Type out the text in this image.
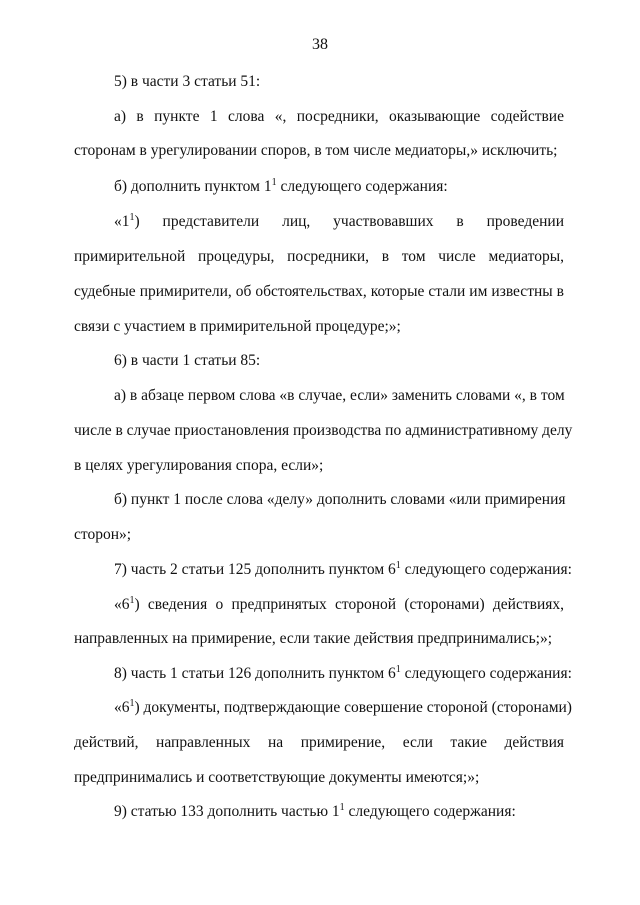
38
5) в части 3 статьи 51:
а) в пункте 1 слова «, посредники, оказывающие содействие
сторонам в урегулировании споров, в том числе медиаторы,» исключить;
б) дополнить пунктом $1^1$ следующего содержания:
«$1^1$) представители лиц, участвовавших в проведении
примирительной процедуры, посредники, в том числе медиаторы,
судебные примирители, об обстоятельствах, которые стали им известны в
связи с участием в примирительной процедуре;»;
6) в части 1 статьи 85:
а) в абзаце первом слова «в случае, если» заменить словами «, в том
числе в случае приостановления производства по административному делу
в целях урегулирования спора, если»;
б) пункт 1 после слова «делу» дополнить словами «или примирения
сторон»;
7) часть 2 статьи 125 дополнить пунктом $6^1$ следующего содержания:
«$6^1$) сведения о предпринятых стороной (сторонами) действиях,
направленных на примирение, если такие действия предпринимались;»;
8) часть 1 статьи 126 дополнить пунктом $6^1$ следующего содержания:
«$6^1$) документы, подтверждающие совершение стороной (сторонами)
действий, направленных на примирение, если такие действия
предпринимались и соответствующие документы имеются;»;
9) статью 133 дополнить частью $1^1$ следующего содержания:
